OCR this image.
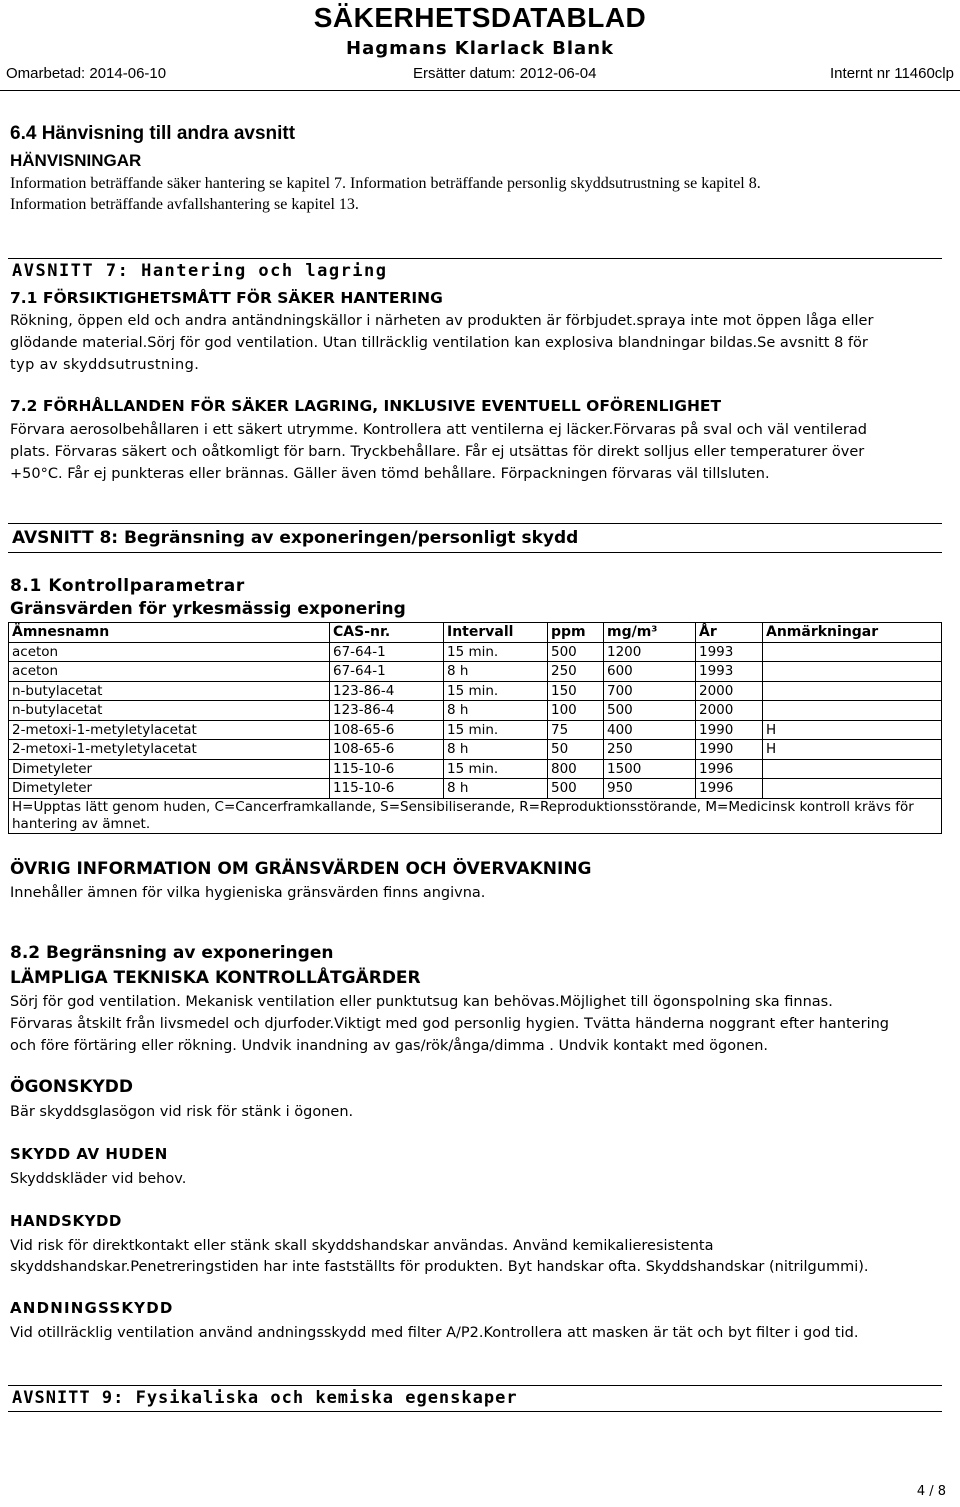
SÄKERHETSDATABLAD
Hagmans Klarlack Blank
Omarbetad: 2014-06-10	Ersätter datum: 2012-06-04	Internt nr 11460clp
6.4 Hänvisning till andra avsnitt
HÄNVISNINGAR
Information beträffande säker hantering se kapitel 7. Information beträffande personlig skyddsutrustning se kapitel 8.
Information beträffande avfallshantering se kapitel 13.
AVSNITT 7: Hantering och lagring
7.1 FÖRSIKTIGHETSMÅTT FÖR SÄKER HANTERING
Rökning, öppen eld och andra antändningskällor i närheten av produkten är förbjudet.spraya inte mot öppen låga eller
glödande material.Sörj för god ventilation. Utan tillräcklig ventilation kan explosiva blandningar bildas.Se avsnitt 8 för
typ av skyddsutrustning.
7.2 FÖRHÅLLANDEN FÖR SÄKER LAGRING, INKLUSIVE EVENTUELL OFÖRENLIGHET
Förvara aerosolbehållaren i ett säkert utrymme. Kontrollera att ventilerna ej läcker.Förvaras på sval och väl ventilerad
plats. Förvaras säkert och oåtkomligt för barn. Tryckbehållare. Får ej utsättas för direkt solljus eller temperaturer över
+50°C. Får ej punkteras eller brännas. Gäller även tömd behållare. Förpackningen förvaras väl tillsluten.
AVSNITT 8: Begränsning av exponeringen/personligt skydd
8.1 Kontrollparametrar
Gränsvärden för yrkesmässig exponering
Ämnesnamn	CAS-nr.	Intervall	ppm	mg/m³	År	Anmärkningar
aceton	67-64-1	15 min.	500	1200	1993	
aceton	67-64-1	8 h	250	600	1993	
n-butylacetat	123-86-4	15 min.	150	700	2000	
n-butylacetat	123-86-4	8 h	100	500	2000	
2-metoxi-1-metyletylacetat	108-65-6	15 min.	75	400	1990	H
2-metoxi-1-metyletylacetat	108-65-6	8 h	50	250	1990	H
Dimetyleter	115-10-6	15 min.	800	1500	1996	
Dimetyleter	115-10-6	8 h	500	950	1996	
H=Upptas lätt genom huden, C=Cancerframkallande, S=Sensibiliserande, R=Reproduktionsstörande, M=Medicinsk kontroll krävs för hantering av ämnet.						
ÖVRIG INFORMATION OM GRÄNSVÄRDEN OCH ÖVERVAKNING
Innehåller ämnen för vilka hygieniska gränsvärden finns angivna.
8.2 Begränsning av exponeringen
LÄMPLIGA TEKNISKA KONTROLLÅTGÄRDER
Sörj för god ventilation. Mekanisk ventilation eller punktutsug kan behövas.Möjlighet till ögonspolning ska finnas.
Förvaras åtskilt från livsmedel och djurfoder.Viktigt med god personlig hygien. Tvätta händerna noggrant efter hantering
och före förtäring eller rökning. Undvik inandning av gas/rök/ånga/dimma . Undvik kontakt med ögonen.
ÖGONSKYDD
Bär skyddsglasögon vid risk för stänk i ögonen.
SKYDD AV HUDEN
Skyddskläder vid behov.
HANDSKYDD
Vid risk för direktkontakt eller stänk skall skyddshandskar användas. Använd kemikalieresistenta
skyddshandskar.Penetreringstiden har inte fastställts för produkten. Byt handskar ofta. Skyddshandskar (nitrilgummi).
ANDNINGSSKYDD
Vid otillräcklig ventilation använd andningsskydd med filter A/P2.Kontrollera att masken är tät och byt filter i god tid.
AVSNITT 9: Fysikaliska och kemiska egenskaper
4 / 8
